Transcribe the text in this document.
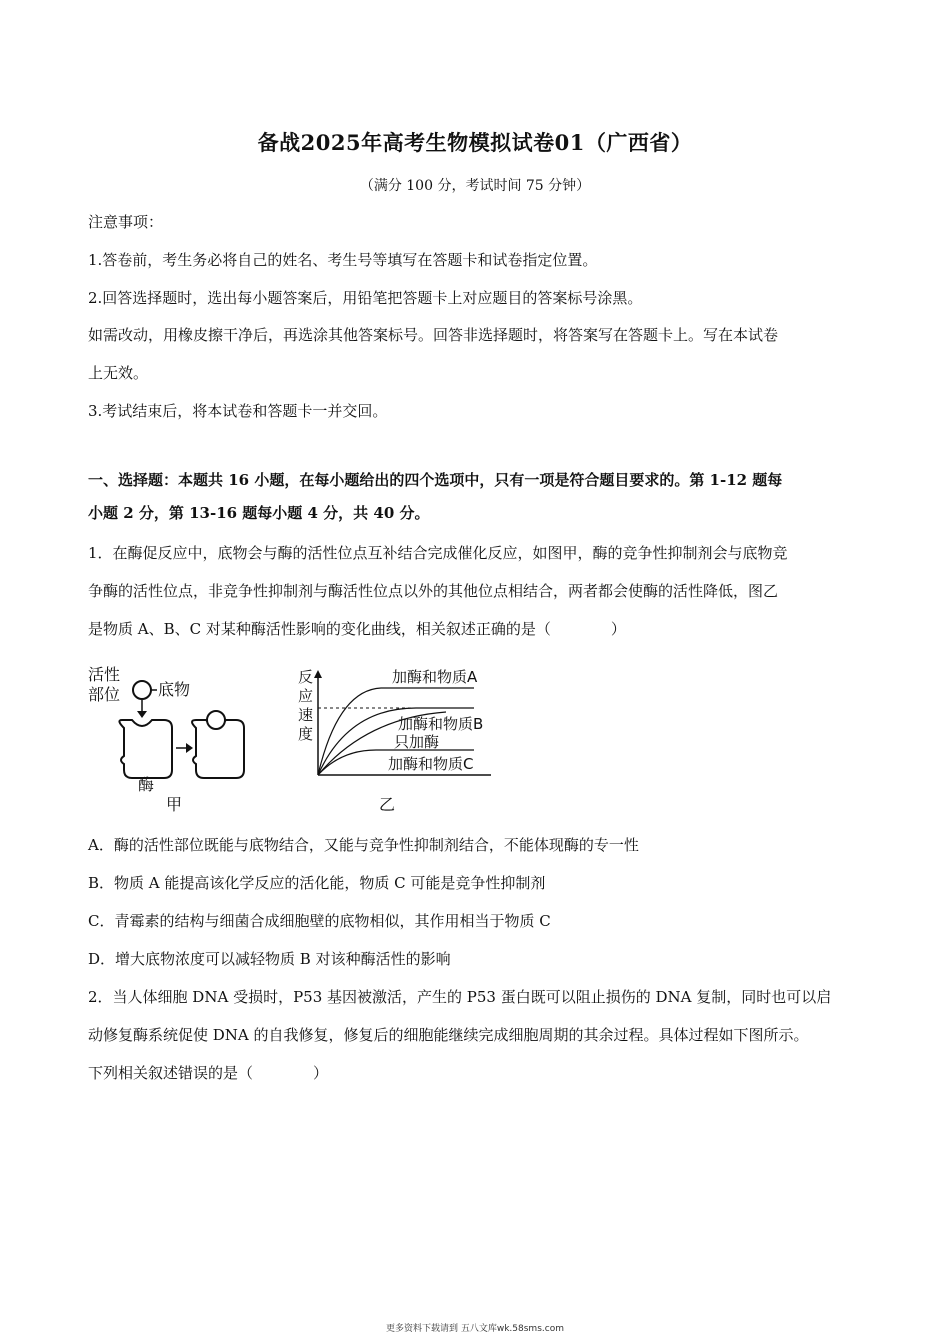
备战2025年高考生物模拟试卷01（广西省）
（满分 100 分，考试时间 75 分钟）
注意事项：
1.答卷前，考生务必将自己的姓名、考生号等填写在答题卡和试卷指定位置。
2.回答选择题时，选出每小题答案后，用铅笔把答题卡上对应题目的答案标号涂黑。
如需改动，用橡皮擦干净后，再选涂其他答案标号。回答非选择题时，将答案写在答题卡上。写在本试卷
上无效。
3.考试结束后，将本试卷和答题卡一并交回。
一、选择题：本题共 16 小题，在每小题给出的四个选项中，只有一项是符合题目要求的。第 1-12 题每
小题 2 分，第 13-16 题每小题 4 分，共 40 分。
1．在酶促反应中，底物会与酶的活性位点互补结合完成催化反应，如图甲，酶的竞争性抑制剂会与底物竞
争酶的活性位点，非竞争性抑制剂与酶活性位点以外的其他位点相结合，两者都会使酶的活性降低，图乙
是物质 A、B、C 对某种酶活性影响的变化曲线，相关叙述正确的是（　　　　）
活性
部位 底物
酶
甲
反
应
速
度
加酶和物质A
加酶和物质B
只加酶
加酶和物质C
乙
A．酶的活性部位既能与底物结合，又能与竞争性抑制剂结合，不能体现酶的专一性
B．物质 A 能提高该化学反应的活化能，物质 C 可能是竞争性抑制剂
C．青霉素的结构与细菌合成细胞壁的底物相似，其作用相当于物质 C
D．增大底物浓度可以减轻物质 B 对该种酶活性的影响
2．当人体细胞 DNA 受损时，P53 基因被激活，产生的 P53 蛋白既可以阻止损伤的 DNA 复制，同时也可以启
动修复酶系统促使 DNA 的自我修复，修复后的细胞能继续完成细胞周期的其余过程。具体过程如下图所示。
下列相关叙述错误的是（　　　　）
更多资料下载请到 五八文库wk.58sms.com
